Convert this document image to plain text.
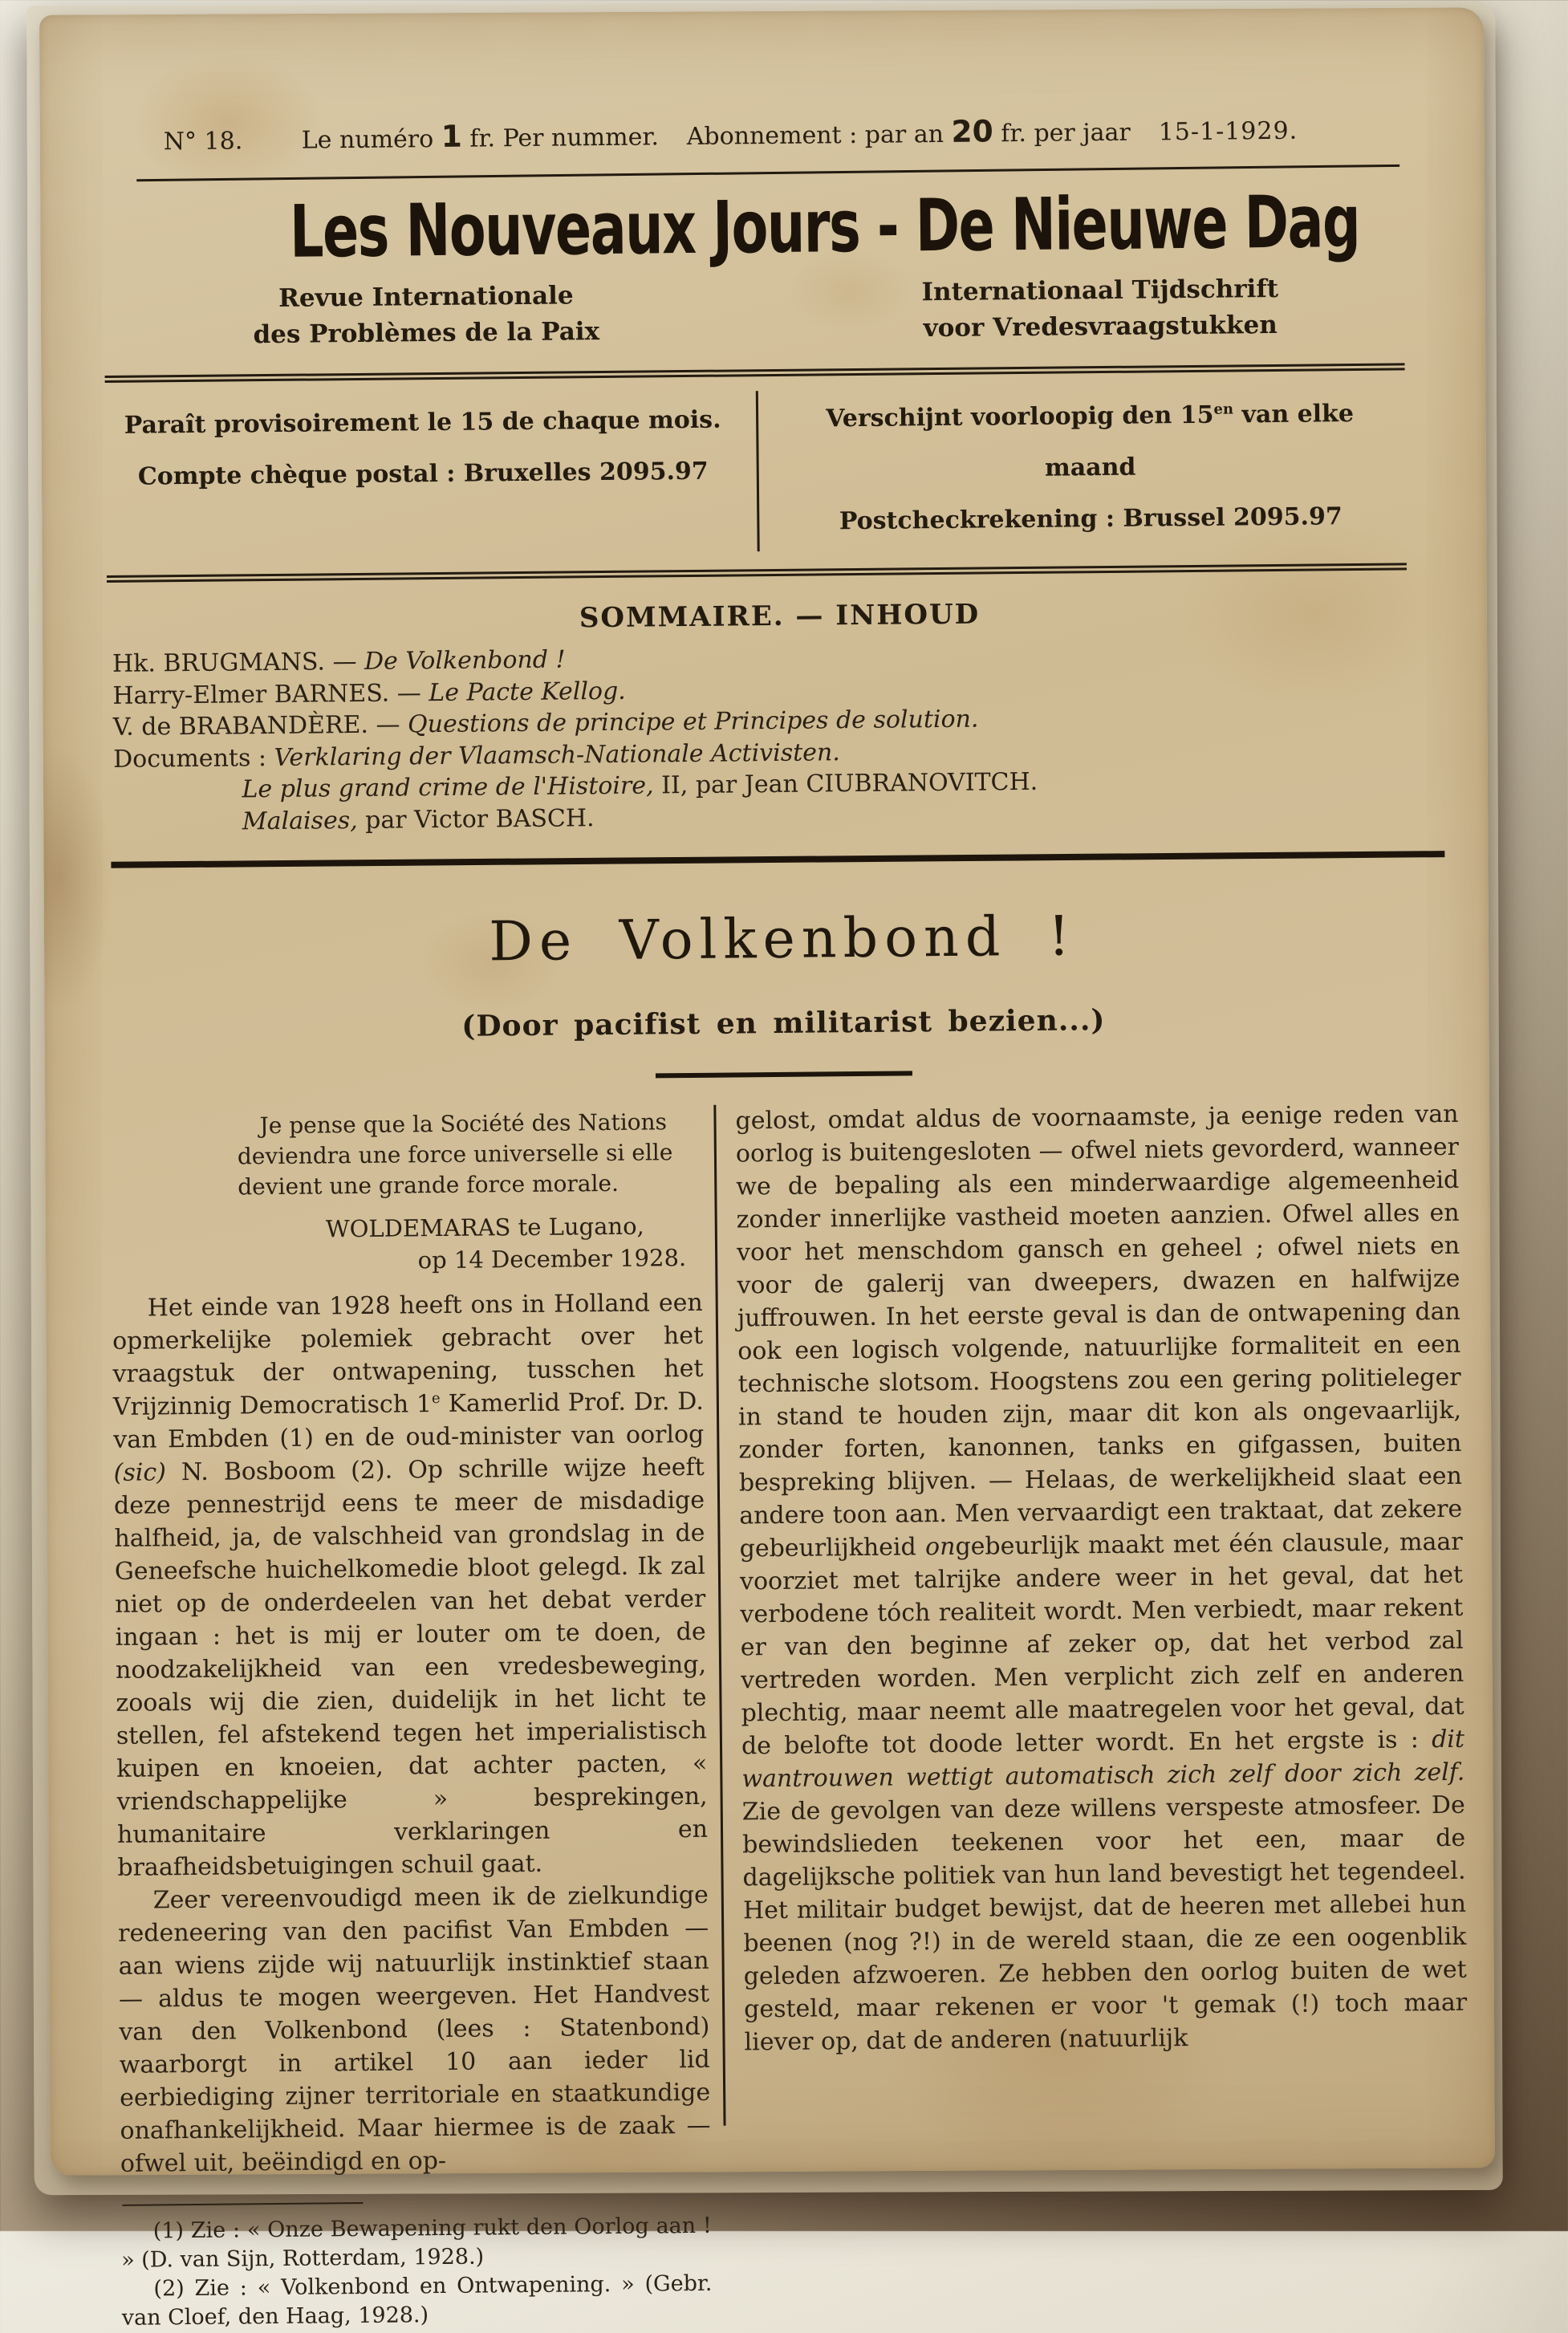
N° 18. Le numéro 1 fr. Per nummer. Abonnement : par an 20 fr. per jaar 15-1-1929.
Les Nouveaux Jours - De Nieuwe Dag
Revue Internationale
des Problèmes de la Paix
Internationaal Tijdschrift
voor Vredesvraagstukken
Paraît provisoirement le 15 de chaque mois.
Compte chèque postal : Bruxelles 2095.97
Verschijnt voorloopig den $15^{en}$ van elke maand
Postcheckrekening : Brussel 2095.97
SOMMAIRE. — INHOUD
Hk. BRUGMANS. — De Volkenbond !
Harry-Elmer BARNES. — Le Pacte Kellog.
V. de BRABANDÈRE. — Questions de principe et Principes de solution.
Documents : Verklaring der Vlaamsch-Nationale Activisten.
Le plus grand crime de l'Histoire, II, par Jean CIUBRANOVITCH.
Malaises, par Victor BASCH.
De Volkenbond !
(Door pacifist en militarist bezien...)
Je pense que la Société des Nations deviendra une force universelle si elle devient une grande force morale.
WOLDEMARAS te Lugano,
op 14 December 1928.
Het einde van 1928 heeft ons in Holland een opmerkelijke polemiek gebracht over het vraagstuk der ontwapening, tusschen het Vrijzinnig Democratisch 1e Kamerlid Prof. Dr. D. van Embden (1) en de oud-minister van oorlog (sic) N. Bosboom (2). Op schrille wijze heeft deze pennestrijd eens te meer de misdadige halfheid, ja, de valschheid van grondslag in de Geneefsche huichelkomedie bloot gelegd. Ik zal niet op de onderdeelen van het debat verder ingaan : het is mij er louter om te doen, de noodzakelijkheid van een vredesbeweging, zooals wij die zien, duidelijk in het licht te stellen, fel afstekend tegen het imperialistisch kuipen en knoeien, dat achter pacten, « vriendschappelijke » besprekingen, humanitaire verklaringen en braafheidsbetuigingen schuil gaat.
Zeer vereenvoudigd meen ik de zielkundige redeneering van den pacifist Van Embden — aan wiens zijde wij natuurlijk instinktief staan — aldus te mogen weergeven. Het Handvest van den Volkenbond (lees : Statenbond) waarborgt in artikel 10 aan ieder lid eerbiediging zijner territoriale en staatkundige onafhankelijkheid. Maar hiermee is de zaak — ofwel uit, beëindigd en op-
(1) Zie : « Onze Bewapening rukt den Oorlog aan ! » (D. van Sijn, Rotterdam, 1928.)
(2) Zie : « Volkenbond en Ontwapening. » (Gebr. van Cloef, den Haag, 1928.)
gelost, omdat aldus de voornaamste, ja eenige reden van oorlog is buitengesloten — ofwel niets gevorderd, wanneer we de bepaling als een minderwaardige algemeenheid zonder innerlijke vastheid moeten aanzien. Ofwel alles en voor het menschdom gansch en geheel ; ofwel niets en voor de galerij van dweepers, dwazen en halfwijze juffrouwen. In het eerste geval is dan de ontwapening dan ook een logisch volgende, natuurlijke formaliteit en een technische slotsom. Hoogstens zou een gering politieleger in stand te houden zijn, maar dit kon als ongevaarlijk, zonder forten, kanonnen, tanks en gifgassen, buiten bespreking blijven. — Helaas, de werkelijkheid slaat een andere toon aan. Men vervaardigt een traktaat, dat zekere gebeurlijkheid ongebeurlijk maakt met één clausule, maar voorziet met talrijke andere weer in het geval, dat het verbodene tóch realiteit wordt. Men verbiedt, maar rekent er van den beginne af zeker op, dat het verbod zal vertreden worden. Men verplicht zich zelf en anderen plechtig, maar neemt alle maatregelen voor het geval, dat de belofte tot doode letter wordt. En het ergste is : dit wantrouwen wettigt automatisch zich zelf door zich zelf. Zie de gevolgen van deze willens verspeste atmosfeer. De bewindslieden teekenen voor het een, maar de dagelijksche politiek van hun land bevestigt het tegendeel. Het militair budget bewijst, dat de heeren met allebei hun beenen (nog ?!) in de wereld staan, die ze een oogenblik geleden afzwoeren. Ze hebben den oorlog buiten de wet gesteld, maar rekenen er voor 't gemak (!) toch maar liever op, dat de anderen (natuurlijk
